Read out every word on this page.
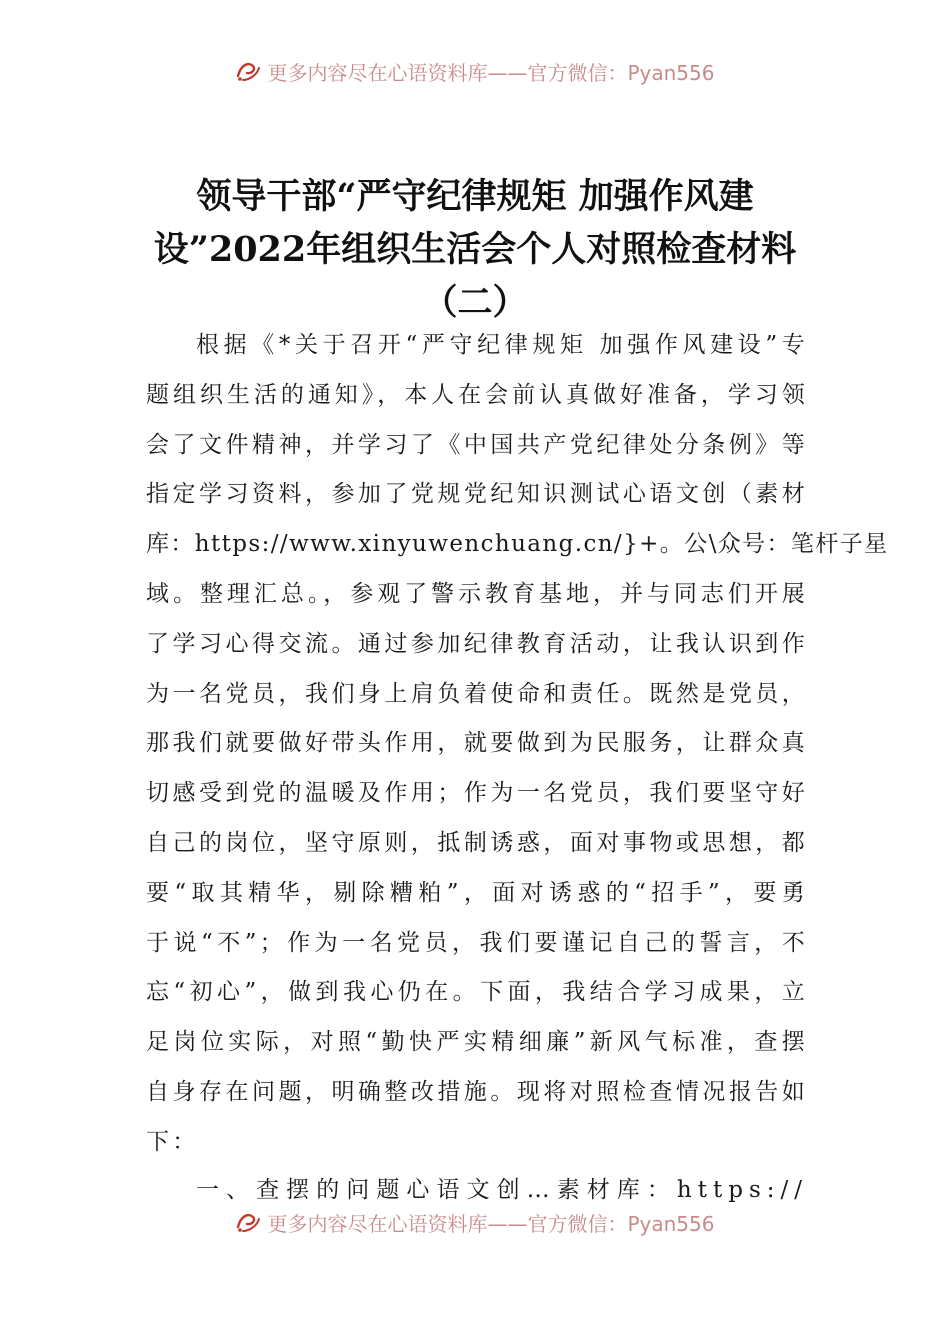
更多内容尽在心语资料库——官方微信：Pyan556
领导干部“严守纪律规矩 加强作风建
设”2022年组织生活会个人对照检查材料
（二）
根据《*关于召开“严守纪律规矩 加强作风建设”专
题组织生活的通知》，本人在会前认真做好准备，学习领
会了文件精神，并学习了《中国共产党纪律处分条例》等
指定学习资料，参加了党规党纪知识测试心语文创（素材
库：https://www.xinyuwenchuang.cn/}+。公\众号：笔杆子星
域。整理汇总。，参观了警示教育基地，并与同志们开展
了学习心得交流。通过参加纪律教育活动，让我认识到作
为一名党员，我们身上肩负着使命和责任。既然是党员，
那我们就要做好带头作用，就要做到为民服务，让群众真
切感受到党的温暖及作用；作为一名党员，我们要坚守好
自己的岗位，坚守原则，抵制诱惑，面对事物或思想，都
要“取其精华，剔除糟粕”，面对诱惑的“招手”，要勇
于说“不”；作为一名党员，我们要谨记自己的誓言，不
忘“初心”，做到我心仍在。下面，我结合学习成果，立
足岗位实际，对照“勤快严实精细廉”新风气标准，查摆
自身存在问题，明确整改措施。现将对照检查情况报告如
下：
一、查摆的问题心语文创…素材库：https://
更多内容尽在心语资料库——官方微信：Pyan556
